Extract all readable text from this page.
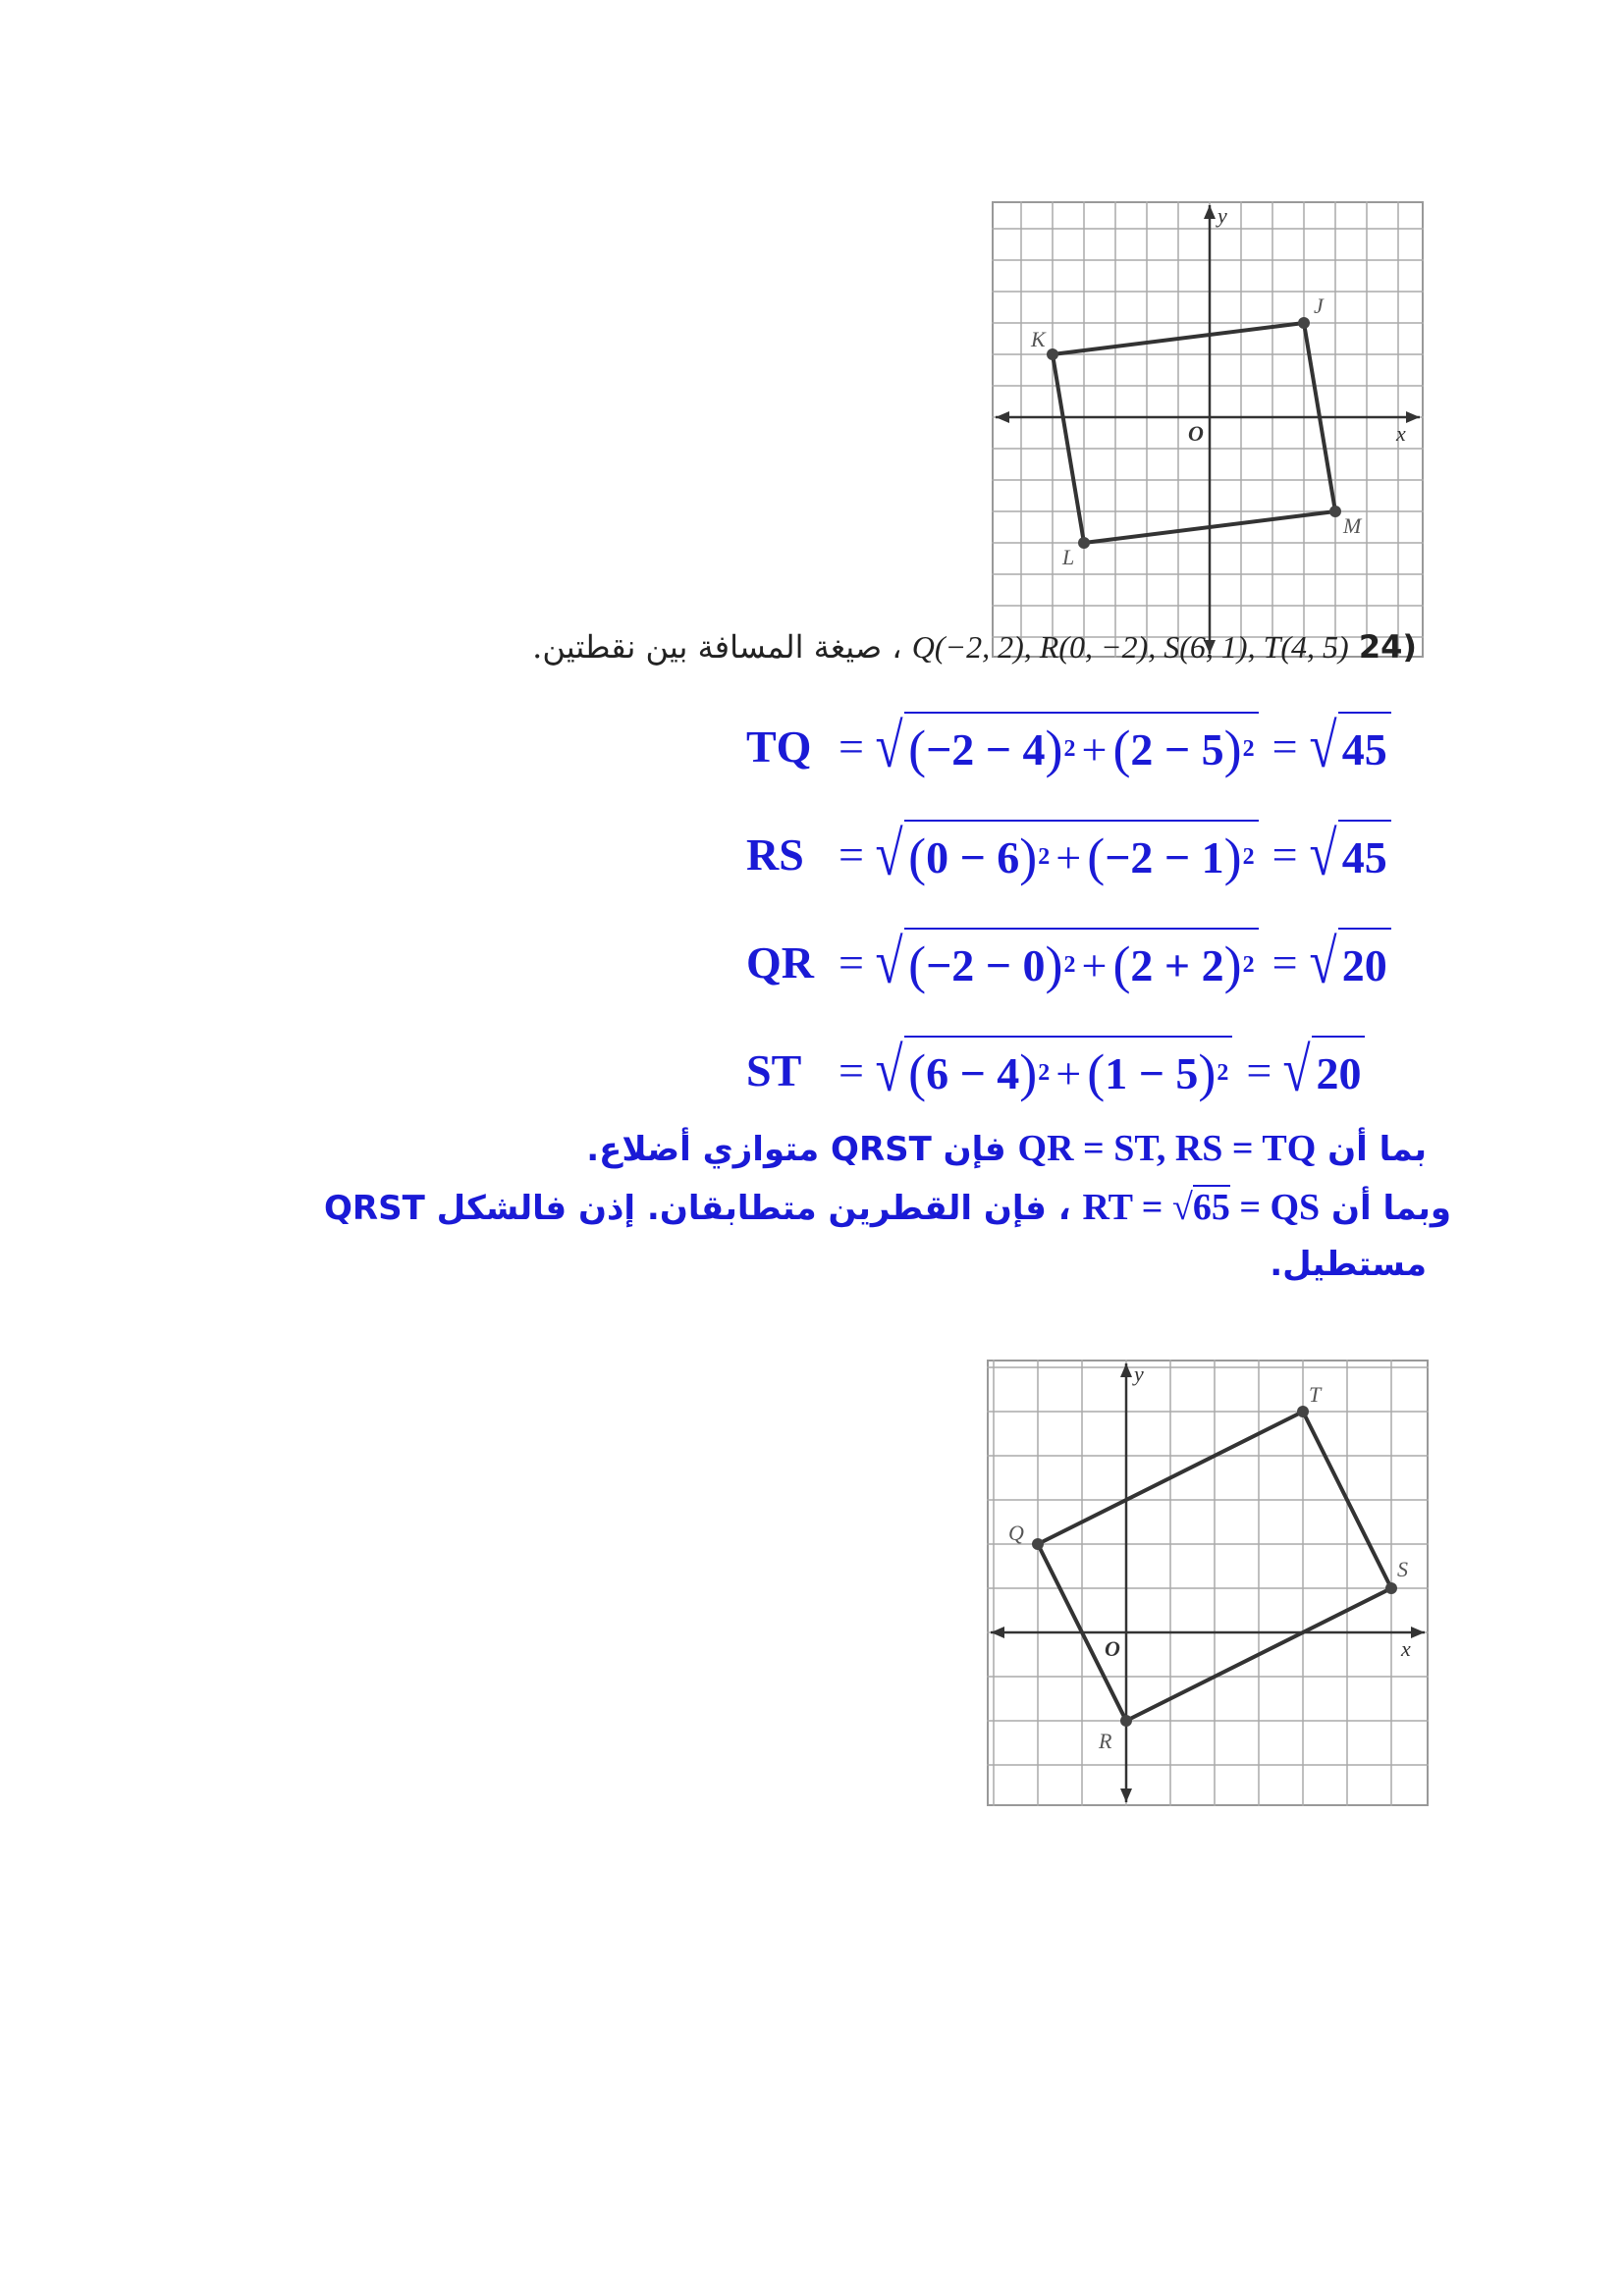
x
y
O
K
J
M
L
(24 Q(−2, 2), R(0, −2), S(6, 1), T(4, 5) ، صيغة المسافة بين نقطتين.
TQ = √ ( −2 − 4 ) 2 + ( 2 − 5 ) 2 = √ 45
RS = √ ( 0 − 6 ) 2 + ( −2 − 1 ) 2 = √ 45
QR = √ ( −2 − 0 ) 2 + ( 2 + 2 ) 2 = √ 20
ST = √ ( 6 − 4 ) 2 + ( 1 − 5 ) 2 = √ 20
بما أن QR = ST, RS = TQ فإن QRST متوازي أضلاع.
وبما أن RT = √65 = QS ، فإن القطرين متطابقان. إذن فالشكل QRST
مستطيل.
x
y
O
Q
T
S
R
